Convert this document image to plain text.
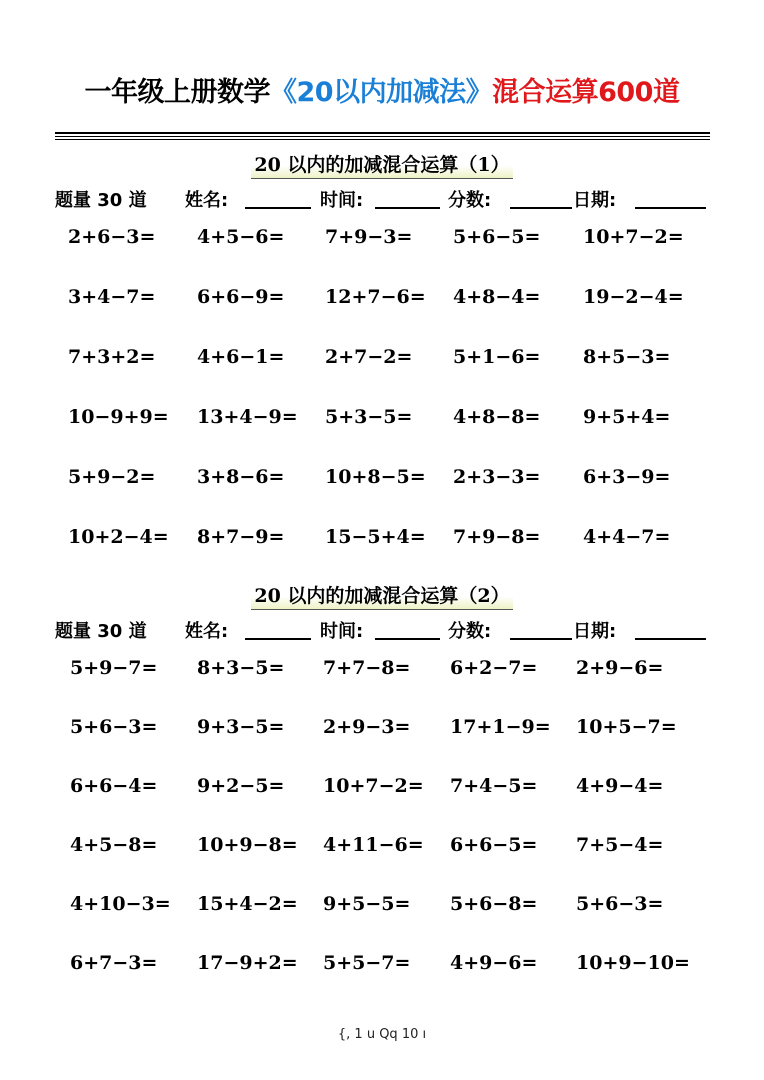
一年级上册数学《20以内加减法》混合运算600道
20 以内的加减混合运算（1）
题量 30 道 姓名:	时间:	分数:	日期:
2+6−3= 4+5−6= 7+9−3= 5+6−5= 10+7−2=
3+4−7= 6+6−9= 12+7−6= 4+8−4= 19−2−4=
7+3+2= 4+6−1= 2+7−2= 5+1−6= 8+5−3=
10−9+9= 13+4−9= 5+3−5= 4+8−8= 9+5+4=
5+9−2= 3+8−6= 10+8−5= 2+3−3= 6+3−9=
10+2−4= 8+7−9= 15−5+4= 7+9−8= 4+4−7=
20 以内的加减混合运算（2）
题量 30 道 姓名:	时间:	分数:	日期:
5+9−7= 8+3−5= 7+7−8= 6+2−7= 2+9−6=
5+6−3= 9+3−5= 2+9−3= 17+1−9= 10+5−7=
6+6−4= 9+2−5= 10+7−2= 7+4−5= 4+9−4=
4+5−8= 10+9−8= 4+11−6= 6+6−5= 7+5−4=
4+10−3= 15+4−2= 9+5−5= 5+6−8= 5+6−3=
6+7−3= 17−9+2= 5+5−7= 4+9−6= 10+9−10=
{, 1 u Qq 10 ı
